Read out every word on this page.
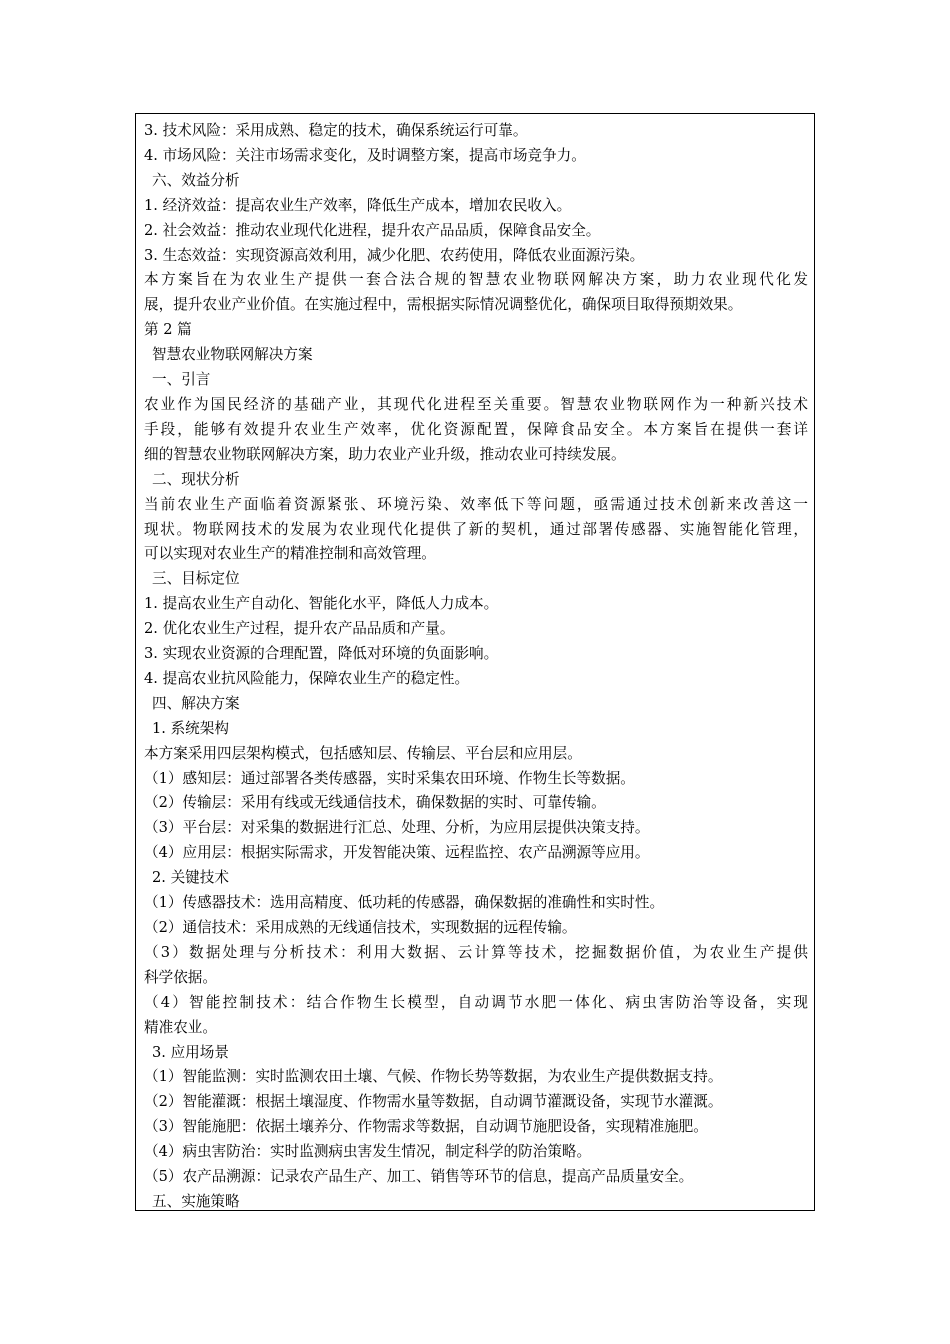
3. 技术风险：采用成熟、稳定的技术，确保系统运行可靠。
4. 市场风险：关注市场需求变化，及时调整方案，提高市场竞争力。
六、效益分析
1. 经济效益：提高农业生产效率，降低生产成本，增加农民收入。
2. 社会效益：推动农业现代化进程，提升农产品品质，保障食品安全。
3. 生态效益：实现资源高效利用，减少化肥、农药使用，降低农业面源污染。
本方案旨在为农业生产提供一套合法合规的智慧农业物联网解决方案，助力农业现代化发
展，提升农业产业价值。在实施过程中，需根据实际情况调整优化，确保项目取得预期效果。
第 2 篇
智慧农业物联网解决方案
一、引言
农业作为国民经济的基础产业，其现代化进程至关重要。智慧农业物联网作为一种新兴技术
手段，能够有效提升农业生产效率，优化资源配置，保障食品安全。本方案旨在提供一套详
细的智慧农业物联网解决方案，助力农业产业升级，推动农业可持续发展。
二、现状分析
当前农业生产面临着资源紧张、环境污染、效率低下等问题，亟需通过技术创新来改善这一
现状。物联网技术的发展为农业现代化提供了新的契机，通过部署传感器、实施智能化管理，
可以实现对农业生产的精准控制和高效管理。
三、目标定位
1. 提高农业生产自动化、智能化水平，降低人力成本。
2. 优化农业生产过程，提升农产品品质和产量。
3. 实现农业资源的合理配置，降低对环境的负面影响。
4. 提高农业抗风险能力，保障农业生产的稳定性。
四、解决方案
1. 系统架构
本方案采用四层架构模式，包括感知层、传输层、平台层和应用层。
（1）感知层：通过部署各类传感器，实时采集农田环境、作物生长等数据。
（2）传输层：采用有线或无线通信技术，确保数据的实时、可靠传输。
（3）平台层：对采集的数据进行汇总、处理、分析，为应用层提供决策支持。
（4）应用层：根据实际需求，开发智能决策、远程监控、农产品溯源等应用。
2. 关键技术
（1）传感器技术：选用高精度、低功耗的传感器，确保数据的准确性和实时性。
（2）通信技术：采用成熟的无线通信技术，实现数据的远程传输。
（3）数据处理与分析技术：利用大数据、云计算等技术，挖掘数据价值，为农业生产提供
科学依据。
（4）智能控制技术：结合作物生长模型，自动调节水肥一体化、病虫害防治等设备，实现
精准农业。
3. 应用场景
（1）智能监测：实时监测农田土壤、气候、作物长势等数据，为农业生产提供数据支持。
（2）智能灌溉：根据土壤湿度、作物需水量等数据，自动调节灌溉设备，实现节水灌溉。
（3）智能施肥：依据土壤养分、作物需求等数据，自动调节施肥设备，实现精准施肥。
（4）病虫害防治：实时监测病虫害发生情况，制定科学的防治策略。
（5）农产品溯源：记录农产品生产、加工、销售等环节的信息，提高产品质量安全。
五、实施策略
